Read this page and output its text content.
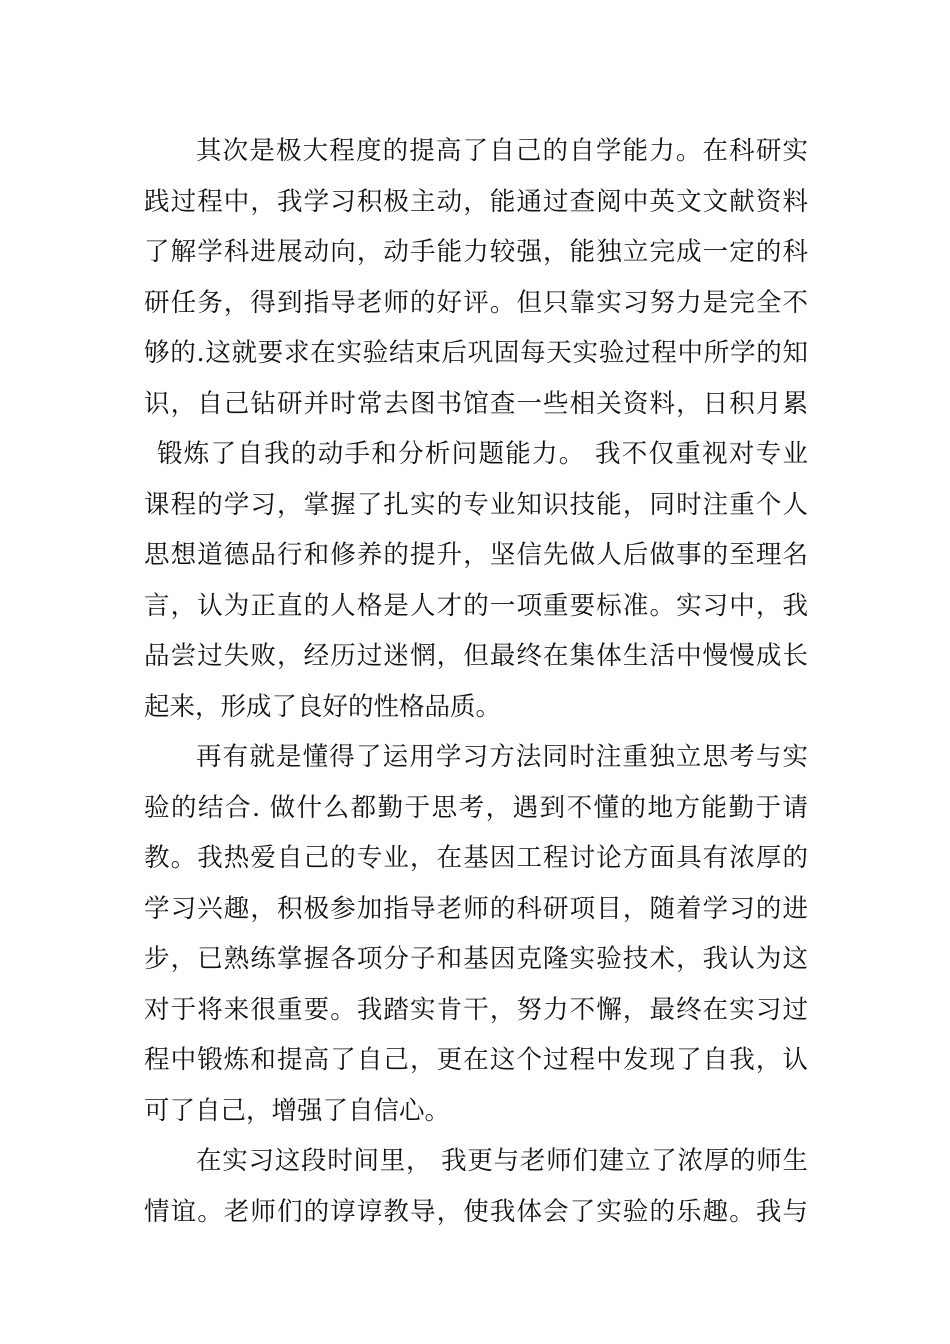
其次是极大程度的提高了自己的自学能力。在科研实
践过程中，我学习积极主动，能通过查阅中英文文献资料
了解学科进展动向，动手能力较强，能独立完成一定的科
研任务，得到指导老师的好评。但只靠实习努力是完全不
够的.这就要求在实验结束后巩固每天实验过程中所学的知
识，自己钻研并时常去图书馆查一些相关资料，日积月累
锻炼了自我的动手和分析问题能力。 我不仅重视对专业
课程的学习，掌握了扎实的专业知识技能，同时注重个人
思想道德品行和修养的提升，坚信先做人后做事的至理名
言，认为正直的人格是人才的一项重要标准。实习中，我
品尝过失败，经历过迷惘，但最终在集体生活中慢慢成长
起来，形成了良好的性格品质。
再有就是懂得了运用学习方法同时注重独立思考与实
验的结合. 做什么都勤于思考，遇到不懂的地方能勤于请
教。我热爱自己的专业，在基因工程讨论方面具有浓厚的
学习兴趣，积极参加指导老师的科研项目，随着学习的进
步，已熟练掌握各项分子和基因克隆实验技术，我认为这
对于将来很重要。我踏实肯干，努力不懈，最终在实习过
程中锻炼和提高了自己，更在这个过程中发现了自我，认
可了自己，增强了自信心。
在实习这段时间里， 我更与老师们建立了浓厚的师生
情谊。老师们的谆谆教导，使我体会了实验的乐趣。我与
